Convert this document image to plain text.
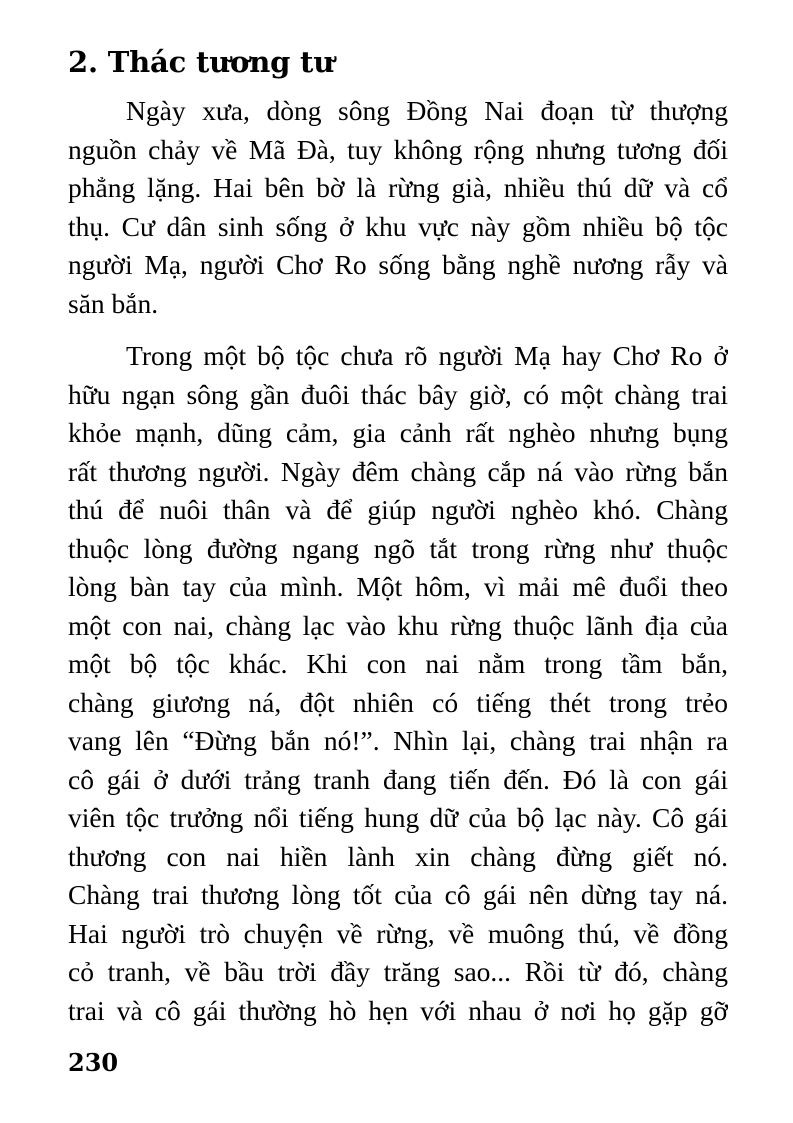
2. Thác tương tư
Ngày xưa, dòng sông Đồng Nai đoạn từ thượng
nguồn chảy về Mã Đà, tuy không rộng nhưng tương đối
phẳng lặng. Hai bên bờ là rừng già, nhiều thú dữ và cổ
thụ. Cư dân sinh sống ở khu vực này gồm nhiều bộ tộc
người Mạ, người Chơ Ro sống bằng nghề nương rẫy và
săn bắn.
Trong một bộ tộc chưa rõ người Mạ hay Chơ Ro ở
hữu ngạn sông gần đuôi thác bây giờ, có một chàng trai
khỏe mạnh, dũng cảm, gia cảnh rất nghèo nhưng bụng
rất thương người. Ngày đêm chàng cắp ná vào rừng bắn
thú để nuôi thân và để giúp người nghèo khó. Chàng
thuộc lòng đường ngang ngõ tắt trong rừng như thuộc
lòng bàn tay của mình. Một hôm, vì mải mê đuổi theo
một con nai, chàng lạc vào khu rừng thuộc lãnh địa của
một bộ tộc khác. Khi con nai nằm trong tầm bắn,
chàng giương ná, đột nhiên có tiếng thét trong trẻo
vang lên “Đừng bắn nó!”. Nhìn lại, chàng trai nhận ra
cô gái ở dưới trảng tranh đang tiến đến. Đó là con gái
viên tộc trưởng nổi tiếng hung dữ của bộ lạc này. Cô gái
thương con nai hiền lành xin chàng đừng giết nó.
Chàng trai thương lòng tốt của cô gái nên dừng tay ná.
Hai người trò chuyện về rừng, về muông thú, về đồng
cỏ tranh, về bầu trời đầy trăng sao... Rồi từ đó, chàng
trai và cô gái thường hò hẹn với nhau ở nơi họ gặp gỡ
230
